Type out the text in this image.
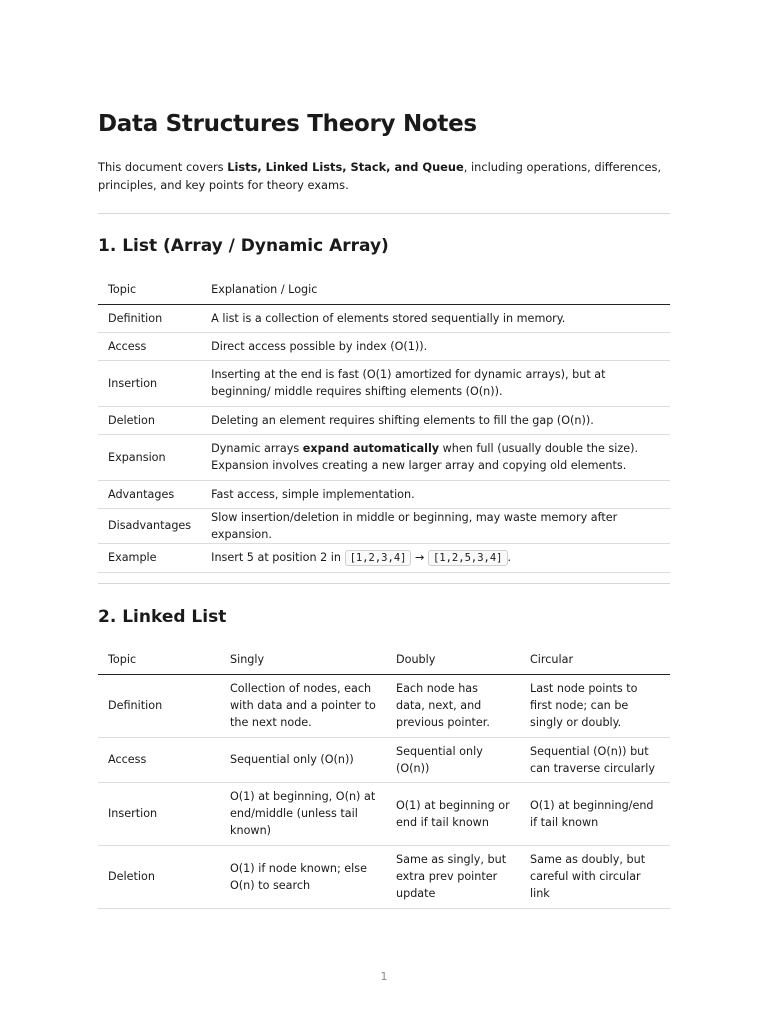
Data Structures Theory Notes

This document covers Lists, Linked Lists, Stack, and Queue, including operations, differences, principles, and key points for theory exams.

1. List (Array / Dynamic Array)
Topic	Explanation / Logic
Definition	A list is a collection of elements stored sequentially in memory.
Access	Direct access possible by index (O(1)).
Insertion	Inserting at the end is fast (O(1) amortized for dynamic arrays), but at beginning/ middle requires shifting elements (O(n)).
Deletion	Deleting an element requires shifting elements to fill the gap (O(n)).
Expansion	Dynamic arrays expand automatically when full (usually double the size). Expansion involves creating a new larger array and copying old elements.
Advantages	Fast access, simple implementation.
Disadvantages	Slow insertion/deletion in middle or beginning, may waste memory after expansion.
Example	Insert 5 at position 2 in [1,2,3,4] → [1,2,5,3,4] .
2. Linked List
Topic	Singly	Doubly	Circular
Definition	Collection of nodes, each with data and a pointer to the next node.	Each node has data, next, and previous pointer.	Last node points to first node; can be singly or doubly.
Access	Sequential only (O(n))	Sequential only (O(n))	Sequential (O(n)) but can traverse circularly
Insertion	O(1) at beginning, O(n) at end/middle (unless tail known)	O(1) at beginning or end if tail known	O(1) at beginning/end if tail known
Deletion	O(1) if node known; else O(n) to search	Same as singly, but extra prev pointer update	Same as doubly, but careful with circular link
1
